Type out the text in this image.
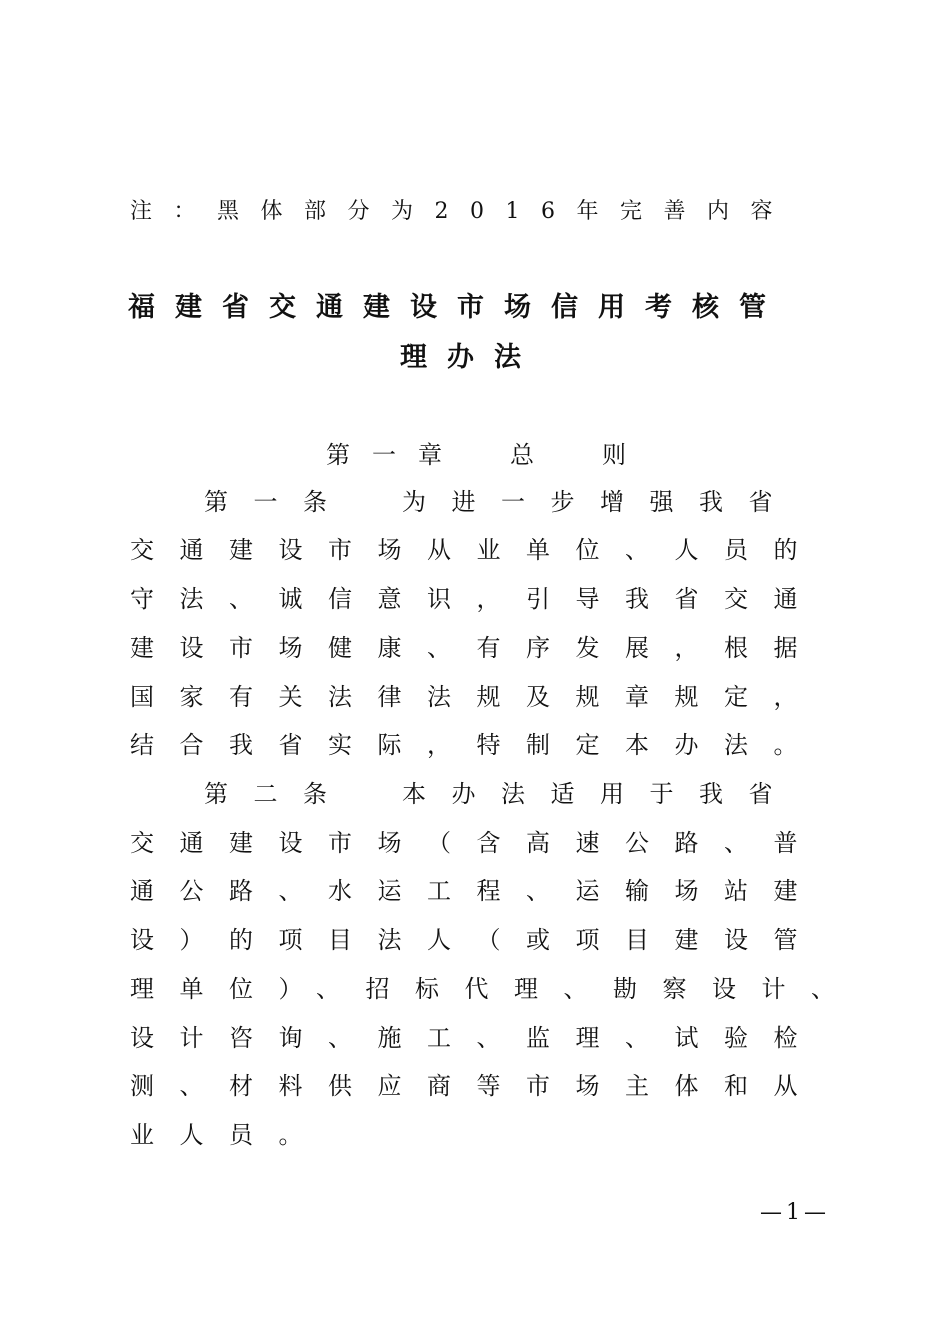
注：黑体部分为2016年完善内容
福建省交通建设市场信用考核管
理办法
第一章　总　则
第一条　为进一步增强我省
交通建设市场从业单位、人员的
守法、诚信意识，引导我省交通
建设市场健康、有序发展，根据
国家有关法律法规及规章规定，
结合我省实际，特制定本办法。
第二条　本办法适用于我省
交通建设市场（含高速公路、普
通公路、水运工程、运输场站建
设）的项目法人（或项目建设管
理单位）、招标代理、勘察设计、
设计咨询、施工、监理、试验检
测、材料供应商等市场主体和从
业人员。
—1—
